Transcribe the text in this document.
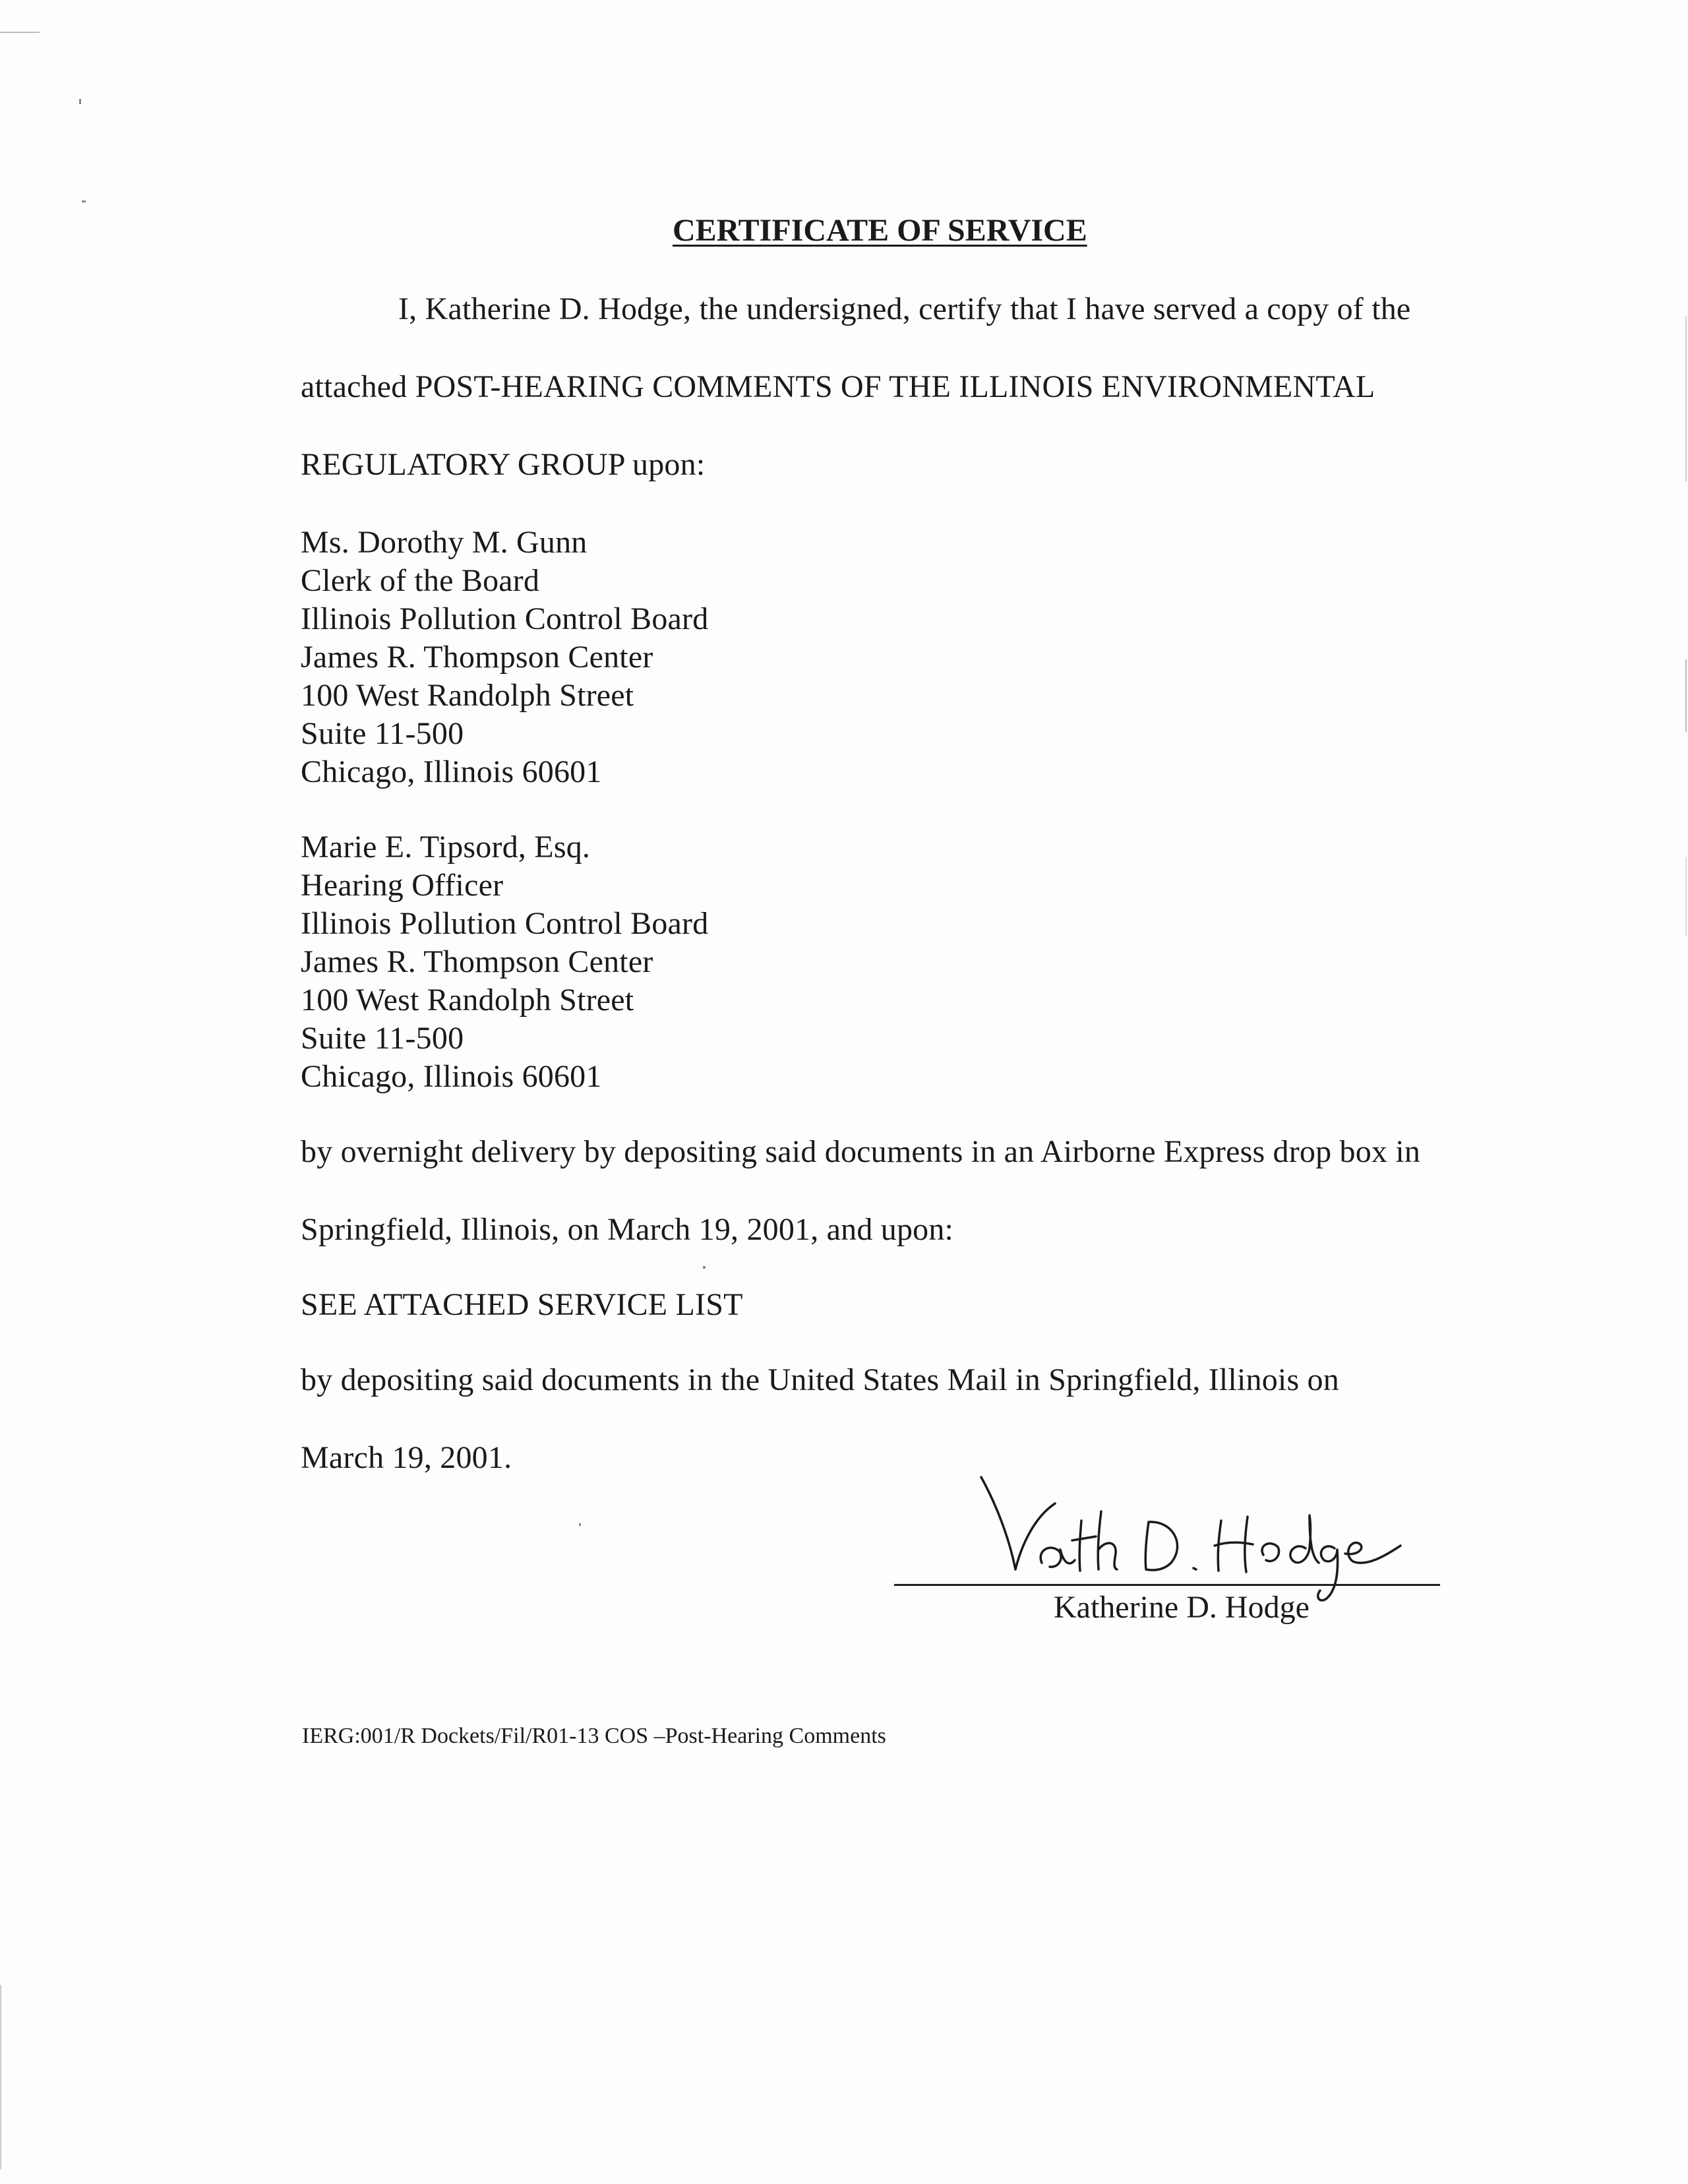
CERTIFICATE OF SERVICE
I, Katherine D. Hodge, the undersigned, certify that I have served a copy of the
attached POST-HEARING COMMENTS OF THE ILLINOIS ENVIRONMENTAL
REGULATORY GROUP upon:
Ms. Dorothy M. Gunn
Clerk of the Board
Illinois Pollution Control Board
James R. Thompson Center
100 West Randolph Street
Suite 11-500
Chicago, Illinois 60601
Marie E. Tipsord, Esq.
Hearing Officer
Illinois Pollution Control Board
James R. Thompson Center
100 West Randolph Street
Suite 11-500
Chicago, Illinois 60601
by overnight delivery by depositing said documents in an Airborne Express drop box in
Springfield, Illinois, on March 19, 2001, and upon:
SEE ATTACHED SERVICE LIST
by depositing said documents in the United States Mail in Springfield, Illinois on
March 19, 2001.
Katherine D. Hodge
IERG:001/R Dockets/Fil/R01-13 COS –Post-Hearing Comments
